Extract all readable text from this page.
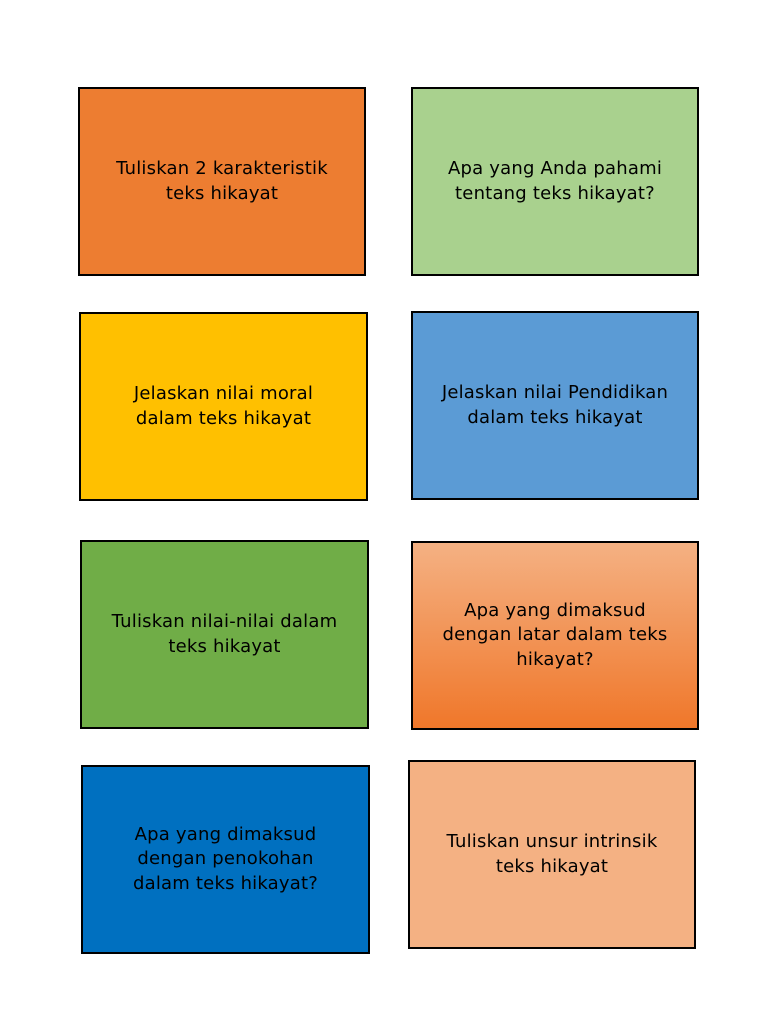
Tuliskan 2 karakteristik
teks hikayat
Apa yang Anda pahami
tentang teks hikayat?
Jelaskan nilai moral
dalam teks hikayat
Jelaskan nilai Pendidikan
dalam teks hikayat
Tuliskan nilai-nilai dalam
teks hikayat
Apa yang dimaksud
dengan latar dalam teks
hikayat?
Apa yang dimaksud
dengan penokohan
dalam teks hikayat?
Tuliskan unsur intrinsik
teks hikayat
